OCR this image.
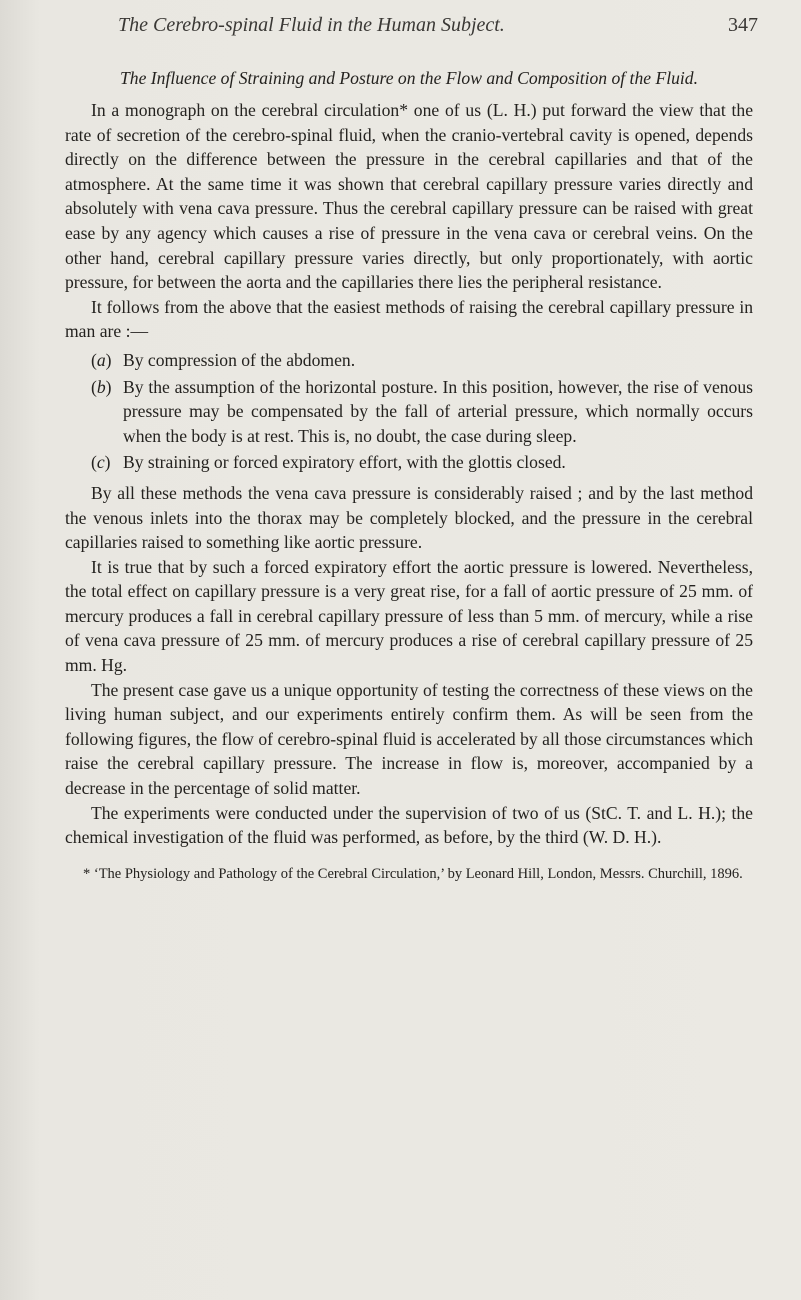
The Cerebro-spinal Fluid in the Human Subject.	347
The Influence of Straining and Posture on the Flow and Composition of the Fluid.

In a monograph on the cerebral circulation* one of us (L. H.) put forward the view that the rate of secretion of the cerebro-spinal fluid, when the cranio-vertebral cavity is opened, depends directly on the difference between the pressure in the cerebral capillaries and that of the atmosphere. At the same time it was shown that cerebral capillary pressure varies directly and absolutely with vena cava pressure. Thus the cerebral capillary pressure can be raised with great ease by any agency which causes a rise of pressure in the vena cava or cerebral veins. On the other hand, cerebral capillary pressure varies directly, but only proportionately, with aortic pressure, for between the aorta and the capillaries there lies the peripheral resistance.

It follows from the above that the easiest methods of raising the cerebral capillary pressure in man are :—

(a) By compression of the abdomen.
(b) By the assumption of the horizontal posture. In this position, however, the rise of venous pressure may be compensated by the fall of arterial pressure, which normally occurs when the body is at rest. This is, no doubt, the case during sleep.
(c) By straining or forced expiratory effort, with the glottis closed.

By all these methods the vena cava pressure is considerably raised ; and by the last method the venous inlets into the thorax may be completely blocked, and the pressure in the cerebral capillaries raised to something like aortic pressure.

It is true that by such a forced expiratory effort the aortic pressure is lowered. Nevertheless, the total effect on capillary pressure is a very great rise, for a fall of aortic pressure of 25 mm. of mercury produces a fall in cerebral capillary pressure of less than 5 mm. of mercury, while a rise of vena cava pressure of 25 mm. of mercury produces a rise of cerebral capillary pressure of 25 mm. Hg.

The present case gave us a unique opportunity of testing the correctness of these views on the living human subject, and our experiments entirely confirm them. As will be seen from the following figures, the flow of cerebro-spinal fluid is accelerated by all those circumstances which raise the cerebral capillary pressure. The increase in flow is, moreover, accompanied by a decrease in the percentage of solid matter.

The experiments were conducted under the supervision of two of us (StC. T. and L. H.); the chemical investigation of the fluid was performed, as before, by the third (W. D. H.).

* ‘The Physiology and Pathology of the Cerebral Circulation,’ by Leonard Hill, London, Messrs. Churchill, 1896.
